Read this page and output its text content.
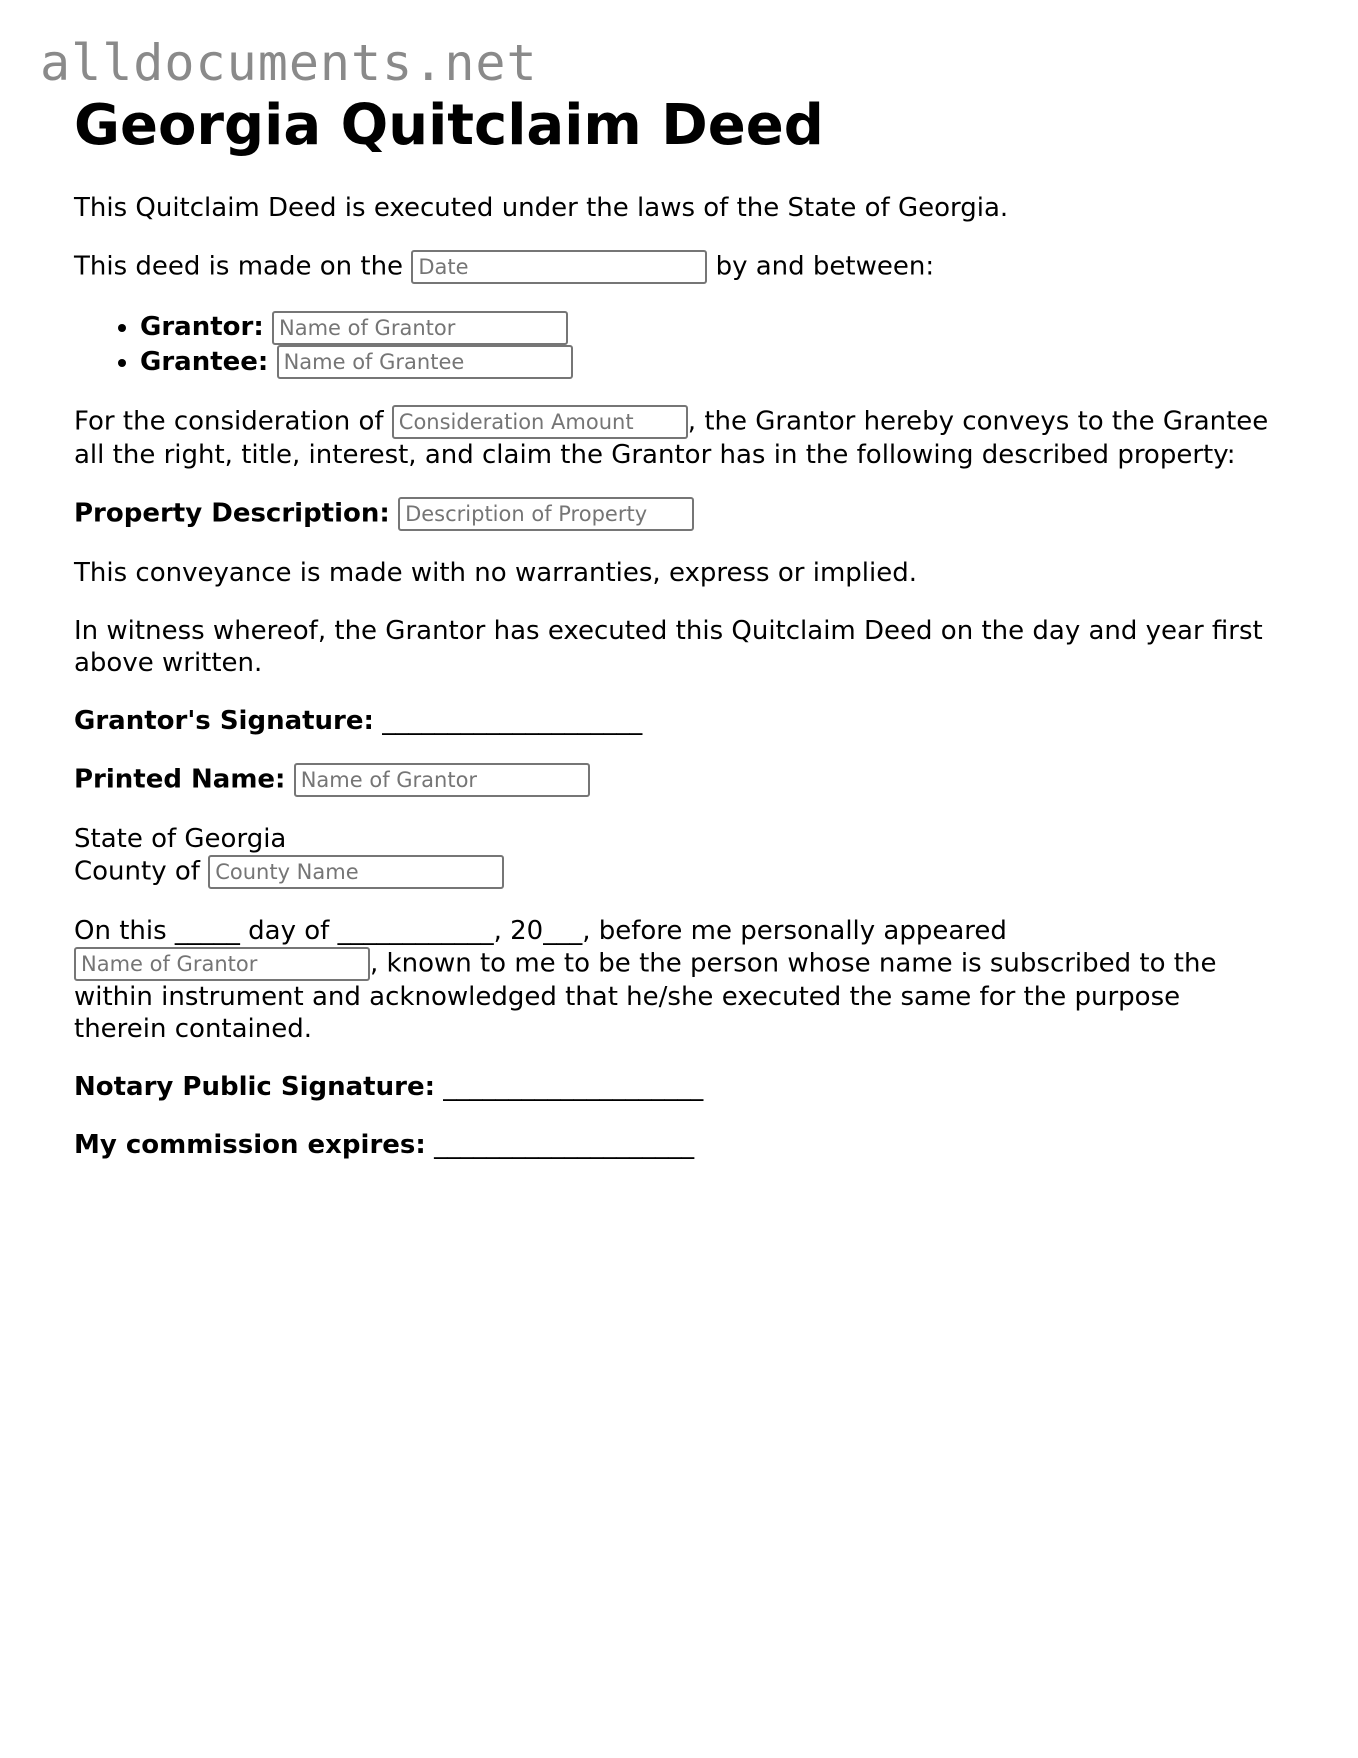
alldocuments.net
Georgia Quitclaim Deed

This Quitclaim Deed is executed under the laws of the State of Georgia.

This deed is made on the Date	by and between:

• Grantor: Name of Grantor
• Grantee: Name of Grantee

For the consideration of Consideration Amount	, the Grantor hereby conveys to the Grantee all the right, title, interest, and claim the Grantor has in the following described property:

Property Description: Description of Property

This conveyance is made with no warranties, express or implied.

In witness whereof, the Grantor has executed this Quitclaim Deed on the day and year first above written.

Grantor's Signature: ____________________

Printed Name: Name of Grantor

State of Georgia
County of County Name

On this _____ day of ____________, 20___, before me personally appeared
Name of Grantor, known to me to be the person whose name is subscribed to the within instrument and acknowledged that he/she executed the same for the purpose therein contained.

Notary Public Signature: ____________________

My commission expires: ____________________
